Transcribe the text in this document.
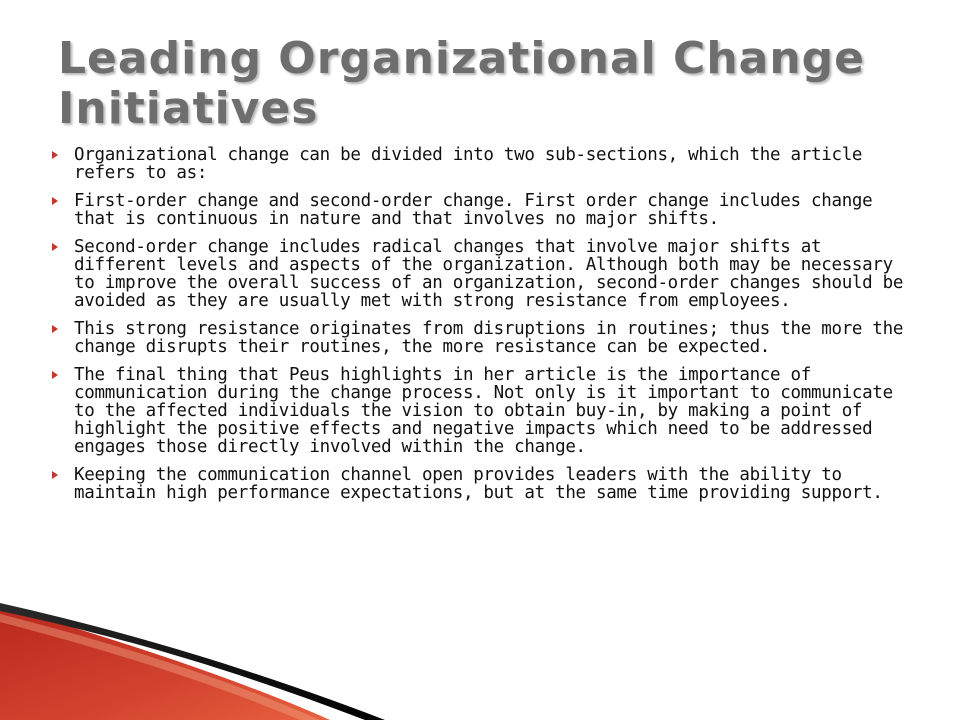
Leading Organizational Change Initiatives
Organizational change can be divided into two sub-sections, which the article refers to as:
First-order change and second-order change. First order change includes change that is continuous in nature and that involves no major shifts.
Second-order change includes radical changes that involve major shifts at different levels and aspects of the organization. Although both may be necessary to improve the overall success of an organization, second-order changes should be avoided as they are usually met with strong resistance from employees.
This strong resistance originates from disruptions in routines; thus the more the change disrupts their routines, the more resistance can be expected.
The final thing that Peus highlights in her article is the importance of communication during the change process. Not only is it important to communicate to the affected individuals the vision to obtain buy-in, by making a point of highlight the positive effects and negative impacts which need to be addressed engages those directly involved within the change.
Keeping the communication channel open provides leaders with the ability to maintain high performance expectations, but at the same time providing support.
